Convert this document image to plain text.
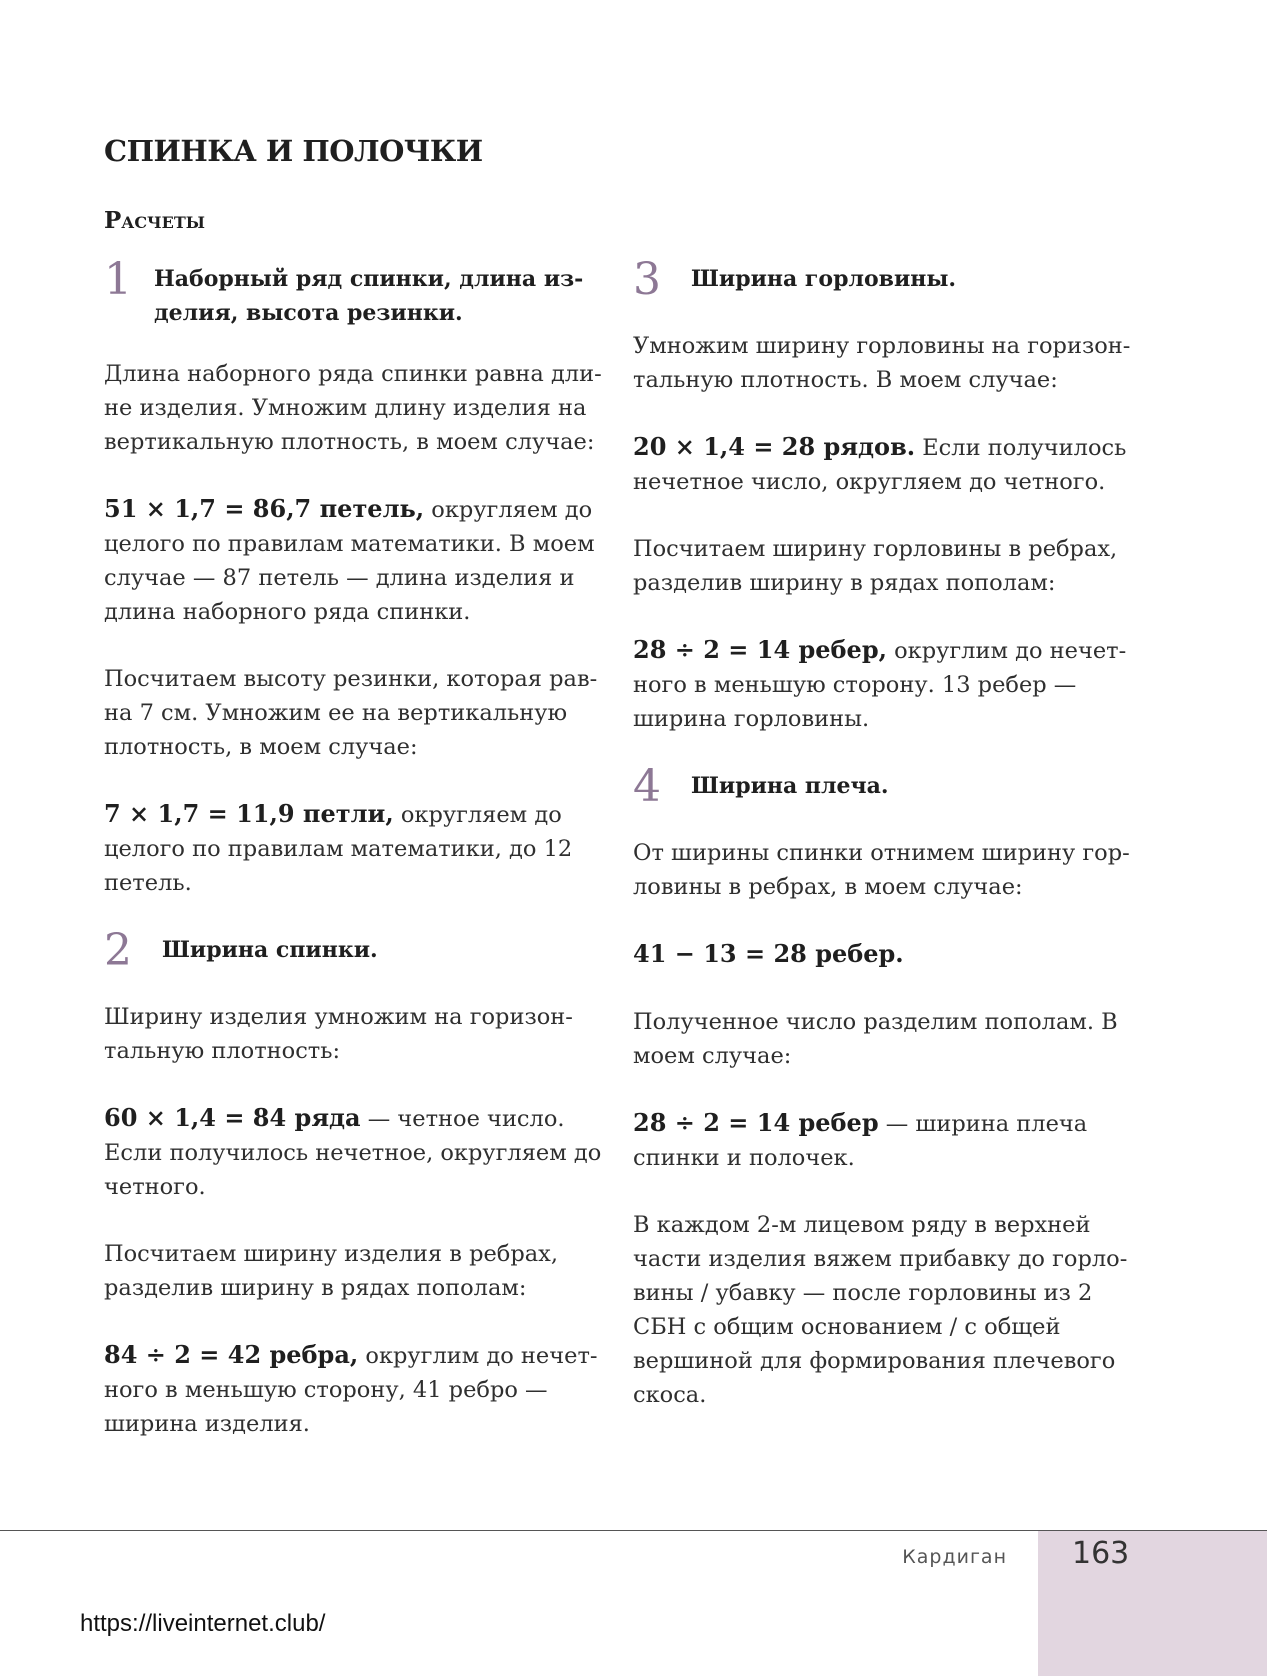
СПИНКА И ПОЛОЧКИ
Расчеты
1	Наборный ряд спинки, длина из-делия, высота резинки.

Длина наборного ряда спинки равна дли-не изделия. Умножим длину изделия на вертикальную плотность, в моем случае:

51 × 1,7 = 86,7 петель, округляем до целого по правилам математики. В моем случае — 87 петель — длина изделия и длина наборного ряда спинки.

Посчитаем высоту резинки, которая рав-на 7 см. Умножим ее на вертикальную плотность, в моем случае:

7 × 1,7 = 11,9 петли, округляем до целого по правилам математики, до 12 петель.

2	Ширина спинки.

Ширину изделия умножим на горизон-тальную плотность:

60 × 1,4 = 84 ряда — четное число. Если получилось нечетное, округляем до четного.

Посчитаем ширину изделия в ребрах, разделив ширину в рядах пополам:

84 ÷ 2 = 42 ребра, округлим до нечет-ного в меньшую сторону, 41 ребро — ширина изделия.

3	Ширина горловины.

Умножим ширину горловины на горизон-тальную плотность. В моем случае:

20 × 1,4 = 28 рядов. Если получилось нечетное число, округляем до четного.

Посчитаем ширину горловины в ребрах, разделив ширину в рядах пополам:

28 ÷ 2 = 14 ребер, округлим до нечет-ного в меньшую сторону. 13 ребер — ширина горловины.

4	Ширина плеча.

От ширины спинки отнимем ширину гор-ловины в ребрах, в моем случае:

41 − 13 = 28 ребер.

Полученное число разделим пополам. В моем случае:

28 ÷ 2 = 14 ребер — ширина плеча спинки и полочек.

В каждом 2-м лицевом ряду в верхней части изделия вяжем прибавку до горло-вины / убавку — после горловины из 2 СБН с общим основанием / с общей вершиной для формирования плечевого скоса.

Кардиган 163
https://liveinternet.club/
